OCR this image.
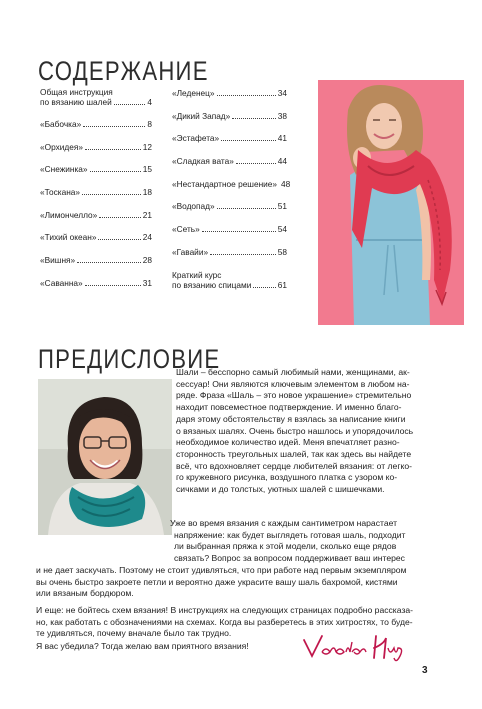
СОДЕРЖАНИЕ
Общая инструкция
по вязанию шалей	4
«Бабочка»	8
«Орхидея»	12
«Снежинка»	15
«Тоскана»	18
«Лимончелло»	21
«Тихий океан»	24
«Вишня»	28
«Саванна»	31
«Леденец»	34
«Дикий Запад»	38
«Эстафета»	41
«Сладкая вата»	44
«Нестандартное решение» 48
«Водопад»	51
«Сеть»	54
«Гавайи»	58
Краткий курс
по вязанию спицами	61
ПРЕДИСЛОВИЕ

Шали – бесспорно самый любимый нами, женщинами, ак-
сессуар! Они являются ключевым элементом в любом на-
ряде. Фраза «Шаль – это новое украшение» стремительно
находит повсеместное подтверждение. И именно благо-
даря этому обстоятельству я взялась за написание книги
о вязаных шалях. Очень быстро нашлось и упорядочилось
необходимое количество идей. Меня впечатляет разно-
сторонность треугольных шалей, так как здесь вы найдете
всё, что вдохновляет сердце любителей вязания: от легко-
го кружевного рисунка, воздушного платка с узором ко-
сичками и до толстых, уютных шалей с шишечками.

Уже во время вязания с каждым сантиметром нарастает
напряжение: как будет выглядеть готовая шаль, подходит
ли выбранная пряжа к этой модели, сколько еще рядов
связать? Вопрос за вопросом поддерживает ваш интерес
и не дает заскучать. Поэтому не стоит удивляться, что при работе над первым экземпляром
вы очень быстро закроете петли и вероятно даже украсите вашу шаль бахромой, кистями
или вязаным бордюром.

И еще: не бойтесь схем вязания! В инструкциях на следующих страницах подробно рассказа-
но, как работать с обозначениями на схемах. Когда вы разберетесь в этих хитростях, то буде-
те удивляться, почему вначале было так трудно.

Я вас убедила? Тогда желаю вам приятного вязания!

3
